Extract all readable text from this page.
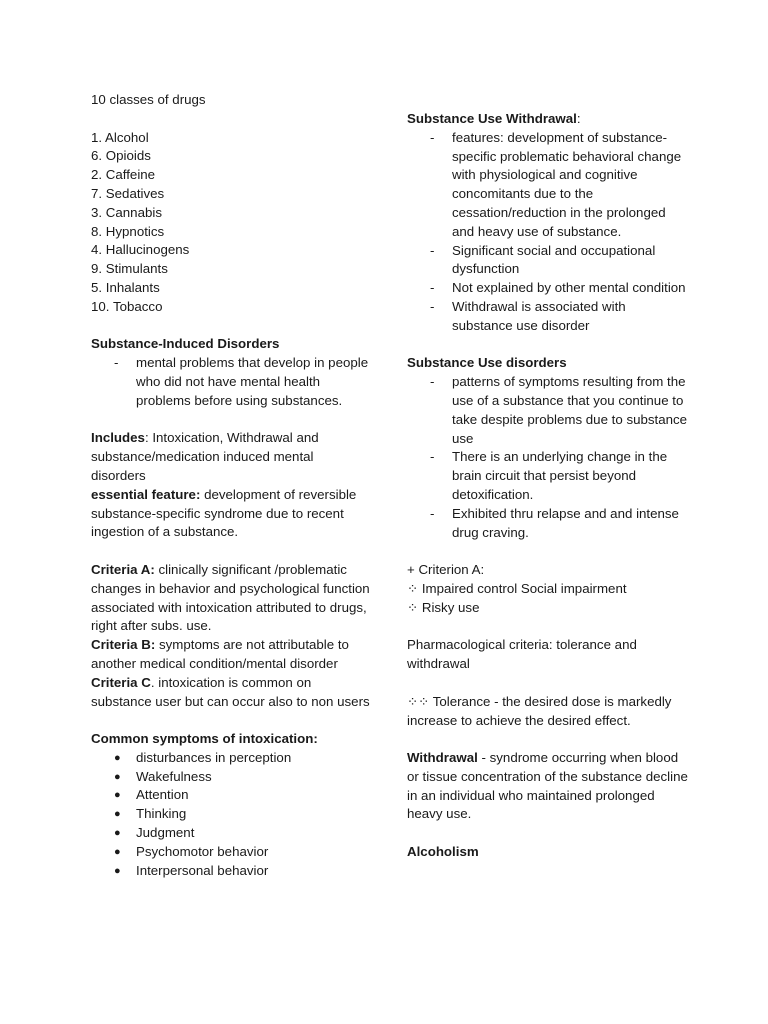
10 classes of drugs

1. Alcohol

6. Opioids

2. Caffeine

7. Sedatives

3. Cannabis

8. Hypnotics

4. Hallucinogens

9. Stimulants

5. Inhalants

10. Tobacco

Substance-Induced Disorders

- mental problems that develop in people who did not have mental health problems before using substances.

Includes: Intoxication, Withdrawal and substance/medication induced mental disorders

essential feature: development of reversible substance-specific syndrome due to recent ingestion of a substance.

Criteria A: clinically significant /problematic changes in behavior and psychological function associated with intoxication attributed to drugs, right after subs. use.

Criteria B: symptoms are not attributable to another medical condition/mental disorder

Criteria C. intoxication is common on substance user but can occur also to non users

Common symptoms of intoxication:

● disturbances in perception
● Wakefulness
● Attention
● Thinking
● Judgment
● Psychomotor behavior
● Interpersonal behavior

Substance Use Withdrawal:

- features: development of substance-specific problematic behavioral change with physiological and cognitive concomitants due to the cessation/reduction in the prolonged and heavy use of substance.
- Significant social and occupational dysfunction
- Not explained by other mental condition
- Withdrawal is associated with substance use disorder

Substance Use disorders

- patterns of symptoms resulting from the use of a substance that you continue to take despite problems due to substance use
- There is an underlying change in the brain circuit that persist beyond detoxification.
- Exhibited thru relapse and and intense drug craving.

+ Criterion A:

⁘ Impaired control Social impairment

⁘ Risky use

Pharmacological criteria: tolerance and withdrawal

⁘⁘ Tolerance - the desired dose is markedly increase to achieve the desired effect.

Withdrawal - syndrome occurring when blood or tissue concentration of the substance decline in an individual who maintained prolonged heavy use.

Alcoholism
